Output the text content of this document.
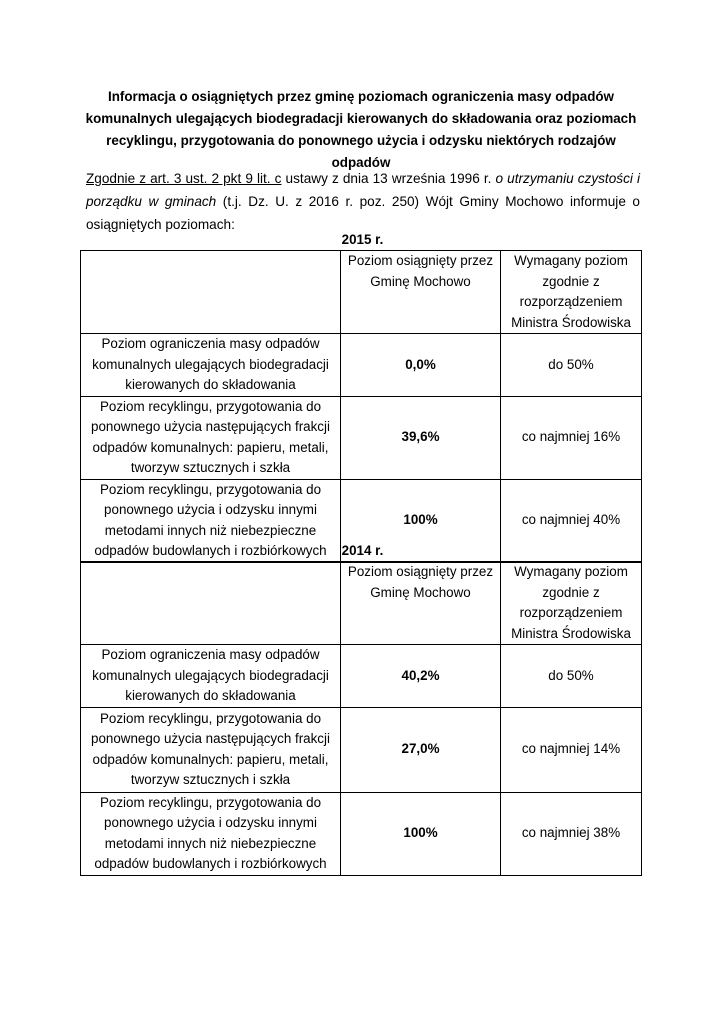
Informacja o osiągniętych przez gminę poziomach ograniczenia masy odpadów komunalnych ulegających biodegradacji kierowanych do składowania oraz poziomach recyklingu, przygotowania do ponownego użycia i odzysku niektórych rodzajów odpadów

Zgodnie z art. 3 ust. 2 pkt 9 lit. c ustawy z dnia 13 września 1996 r. o utrzymaniu czystości i porządku w gminach (t.j. Dz. U. z 2016 r. poz. 250) Wójt Gminy Mochowo informuje o osiągniętych poziomach:

2015 r.
	Poziom osiągnięty przez Gminę Mochowo	Wymagany poziom zgodnie z rozporządzeniem Ministra Środowiska
Poziom ograniczenia masy odpadów komunalnych ulegających biodegradacji kierowanych do składowania	0,0%	do 50%
Poziom recyklingu, przygotowania do ponownego użycia następujących frakcji odpadów komunalnych: papieru, metali, tworzyw sztucznych i szkła	39,6%	co najmniej 16%
Poziom recyklingu, przygotowania do ponownego użycia i odzysku innymi metodami innych niż niebezpieczne odpadów budowlanych i rozbiórkowych	100%	co najmniej 40%
2014 r.
	Poziom osiągnięty przez Gminę Mochowo	Wymagany poziom zgodnie z rozporządzeniem Ministra Środowiska
Poziom ograniczenia masy odpadów komunalnych ulegających biodegradacji kierowanych do składowania	40,2%	do 50%
Poziom recyklingu, przygotowania do ponownego użycia następujących frakcji odpadów komunalnych: papieru, metali, tworzyw sztucznych i szkła	27,0%	co najmniej 14%
Poziom recyklingu, przygotowania do ponownego użycia i odzysku innymi metodami innych niż niebezpieczne odpadów budowlanych i rozbiórkowych	100%	co najmniej 38%
